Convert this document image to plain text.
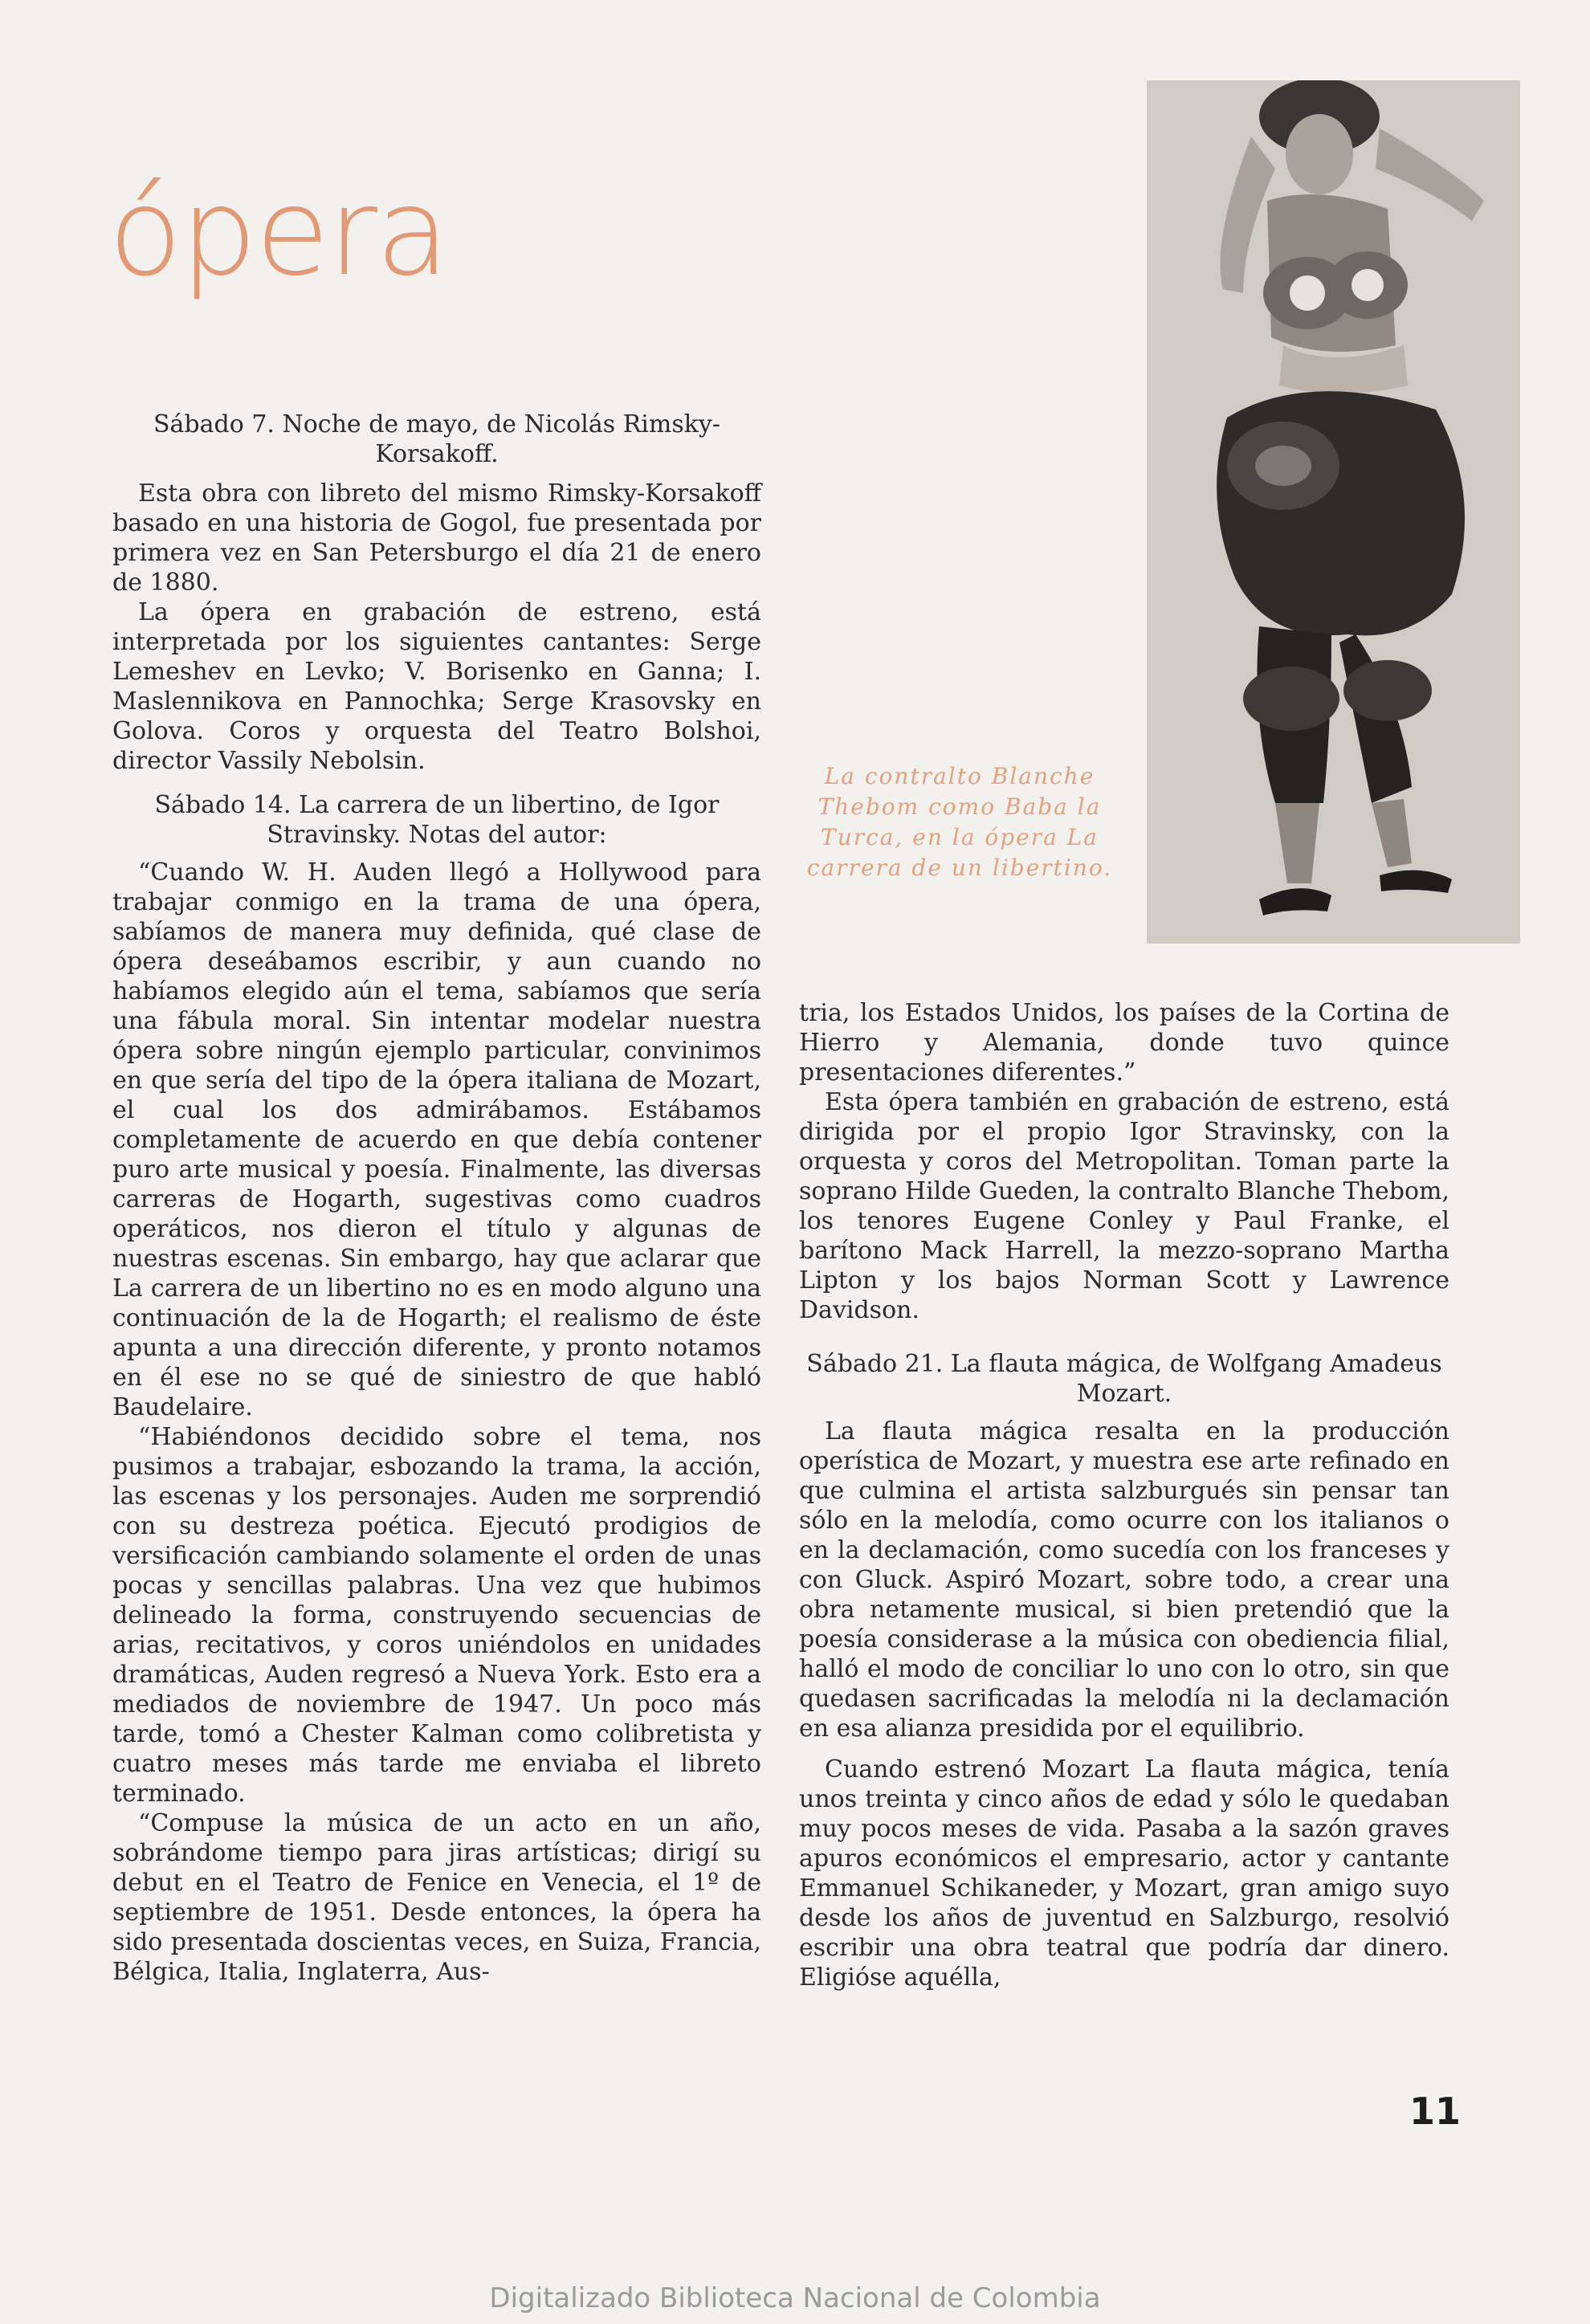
ópera
La contralto Blanche Thebom como Baba la Turca, en la ópera La carrera de un libertino.

Sábado 7. Noche de mayo, de Nicolás Rimsky-Korsakoff.

Esta obra con libreto del mismo Rimsky-Korsakoff basado en una historia de Gogol, fue presentada por primera vez en San Petersburgo el día 21 de enero de 1880.

La ópera en grabación de estreno, está interpretada por los siguientes cantantes: Serge Lemeshev en Levko; V. Borisenko en Ganna; I. Maslennikova en Pannochka; Serge Krasovsky en Golova. Coros y orquesta del Teatro Bolshoi, director Vassily Nebolsin.

Sábado 14. La carrera de un libertino, de Igor Stravinsky. Notas del autor:

“Cuando W. H. Auden llegó a Hollywood para trabajar conmigo en la trama de una ópera, sabíamos de manera muy definida, qué clase de ópera deseábamos escribir, y aun cuando no habíamos elegido aún el tema, sabíamos que sería una fábula moral. Sin intentar modelar nuestra ópera sobre ningún ejemplo particular, convinimos en que sería del tipo de la ópera italiana de Mozart, el cual los dos admirábamos. Estábamos completamente de acuerdo en que debía contener puro arte musical y poesía. Finalmente, las diversas carreras de Hogarth, sugestivas como cuadros operáticos, nos dieron el título y algunas de nuestras escenas. Sin embargo, hay que aclarar que La carrera de un libertino no es en modo alguno una continuación de la de Hogarth; el realismo de éste apunta a una dirección diferente, y pronto notamos en él ese no se qué de siniestro de que habló Baudelaire.

“Habiéndonos decidido sobre el tema, nos pusimos a trabajar, esbozando la trama, la acción, las escenas y los personajes. Auden me sorprendió con su destreza poética. Ejecutó prodigios de versificación cambiando solamente el orden de unas pocas y sencillas palabras. Una vez que hubimos delineado la forma, construyendo secuencias de arias, recitativos, y coros uniéndolos en unidades dramáticas, Auden regresó a Nueva York. Esto era a mediados de noviembre de 1947. Un poco más tarde, tomó a Chester Kalman como colibretista y cuatro meses más tarde me enviaba el libreto terminado.

“Compuse la música de un acto en un año, sobrándome tiempo para jiras artísticas; dirigí su debut en el Teatro de Fenice en Venecia, el 1º de septiembre de 1951. Desde entonces, la ópera ha sido presentada doscientas veces, en Suiza, Francia, Bélgica, Italia, Inglaterra, Aus-

tria, los Estados Unidos, los países de la Cortina de Hierro y Alemania, donde tuvo quince presentaciones diferentes.”

Esta ópera también en grabación de estreno, está dirigida por el propio Igor Stravinsky, con la orquesta y coros del Metropolitan. Toman parte la soprano Hilde Gueden, la contralto Blanche Thebom, los tenores Eugene Conley y Paul Franke, el barítono Mack Harrell, la mezzo-soprano Martha Lipton y los bajos Norman Scott y Lawrence Davidson.

Sábado 21. La flauta mágica, de Wolfgang Amadeus Mozart.

La flauta mágica resalta en la producción operística de Mozart, y muestra ese arte refinado en que culmina el artista salzburgués sin pensar tan sólo en la melodía, como ocurre con los italianos o en la declamación, como sucedía con los franceses y con Gluck. Aspiró Mozart, sobre todo, a crear una obra netamente musical, si bien pretendió que la poesía considerase a la música con obediencia filial, halló el modo de conciliar lo uno con lo otro, sin que quedasen sacrificadas la melodía ni la declamación en esa alianza presidida por el equilibrio.

Cuando estrenó Mozart La flauta mágica, tenía unos treinta y cinco años de edad y sólo le quedaban muy pocos meses de vida. Pasaba a la sazón graves apuros económicos el empresario, actor y cantante Emmanuel Schikaneder, y Mozart, gran amigo suyo desde los años de juventud en Salzburgo, resolvió escribir una obra teatral que podría dar dinero. Eligióse aquélla,

11
Digitalizado Biblioteca Nacional de Colombia
